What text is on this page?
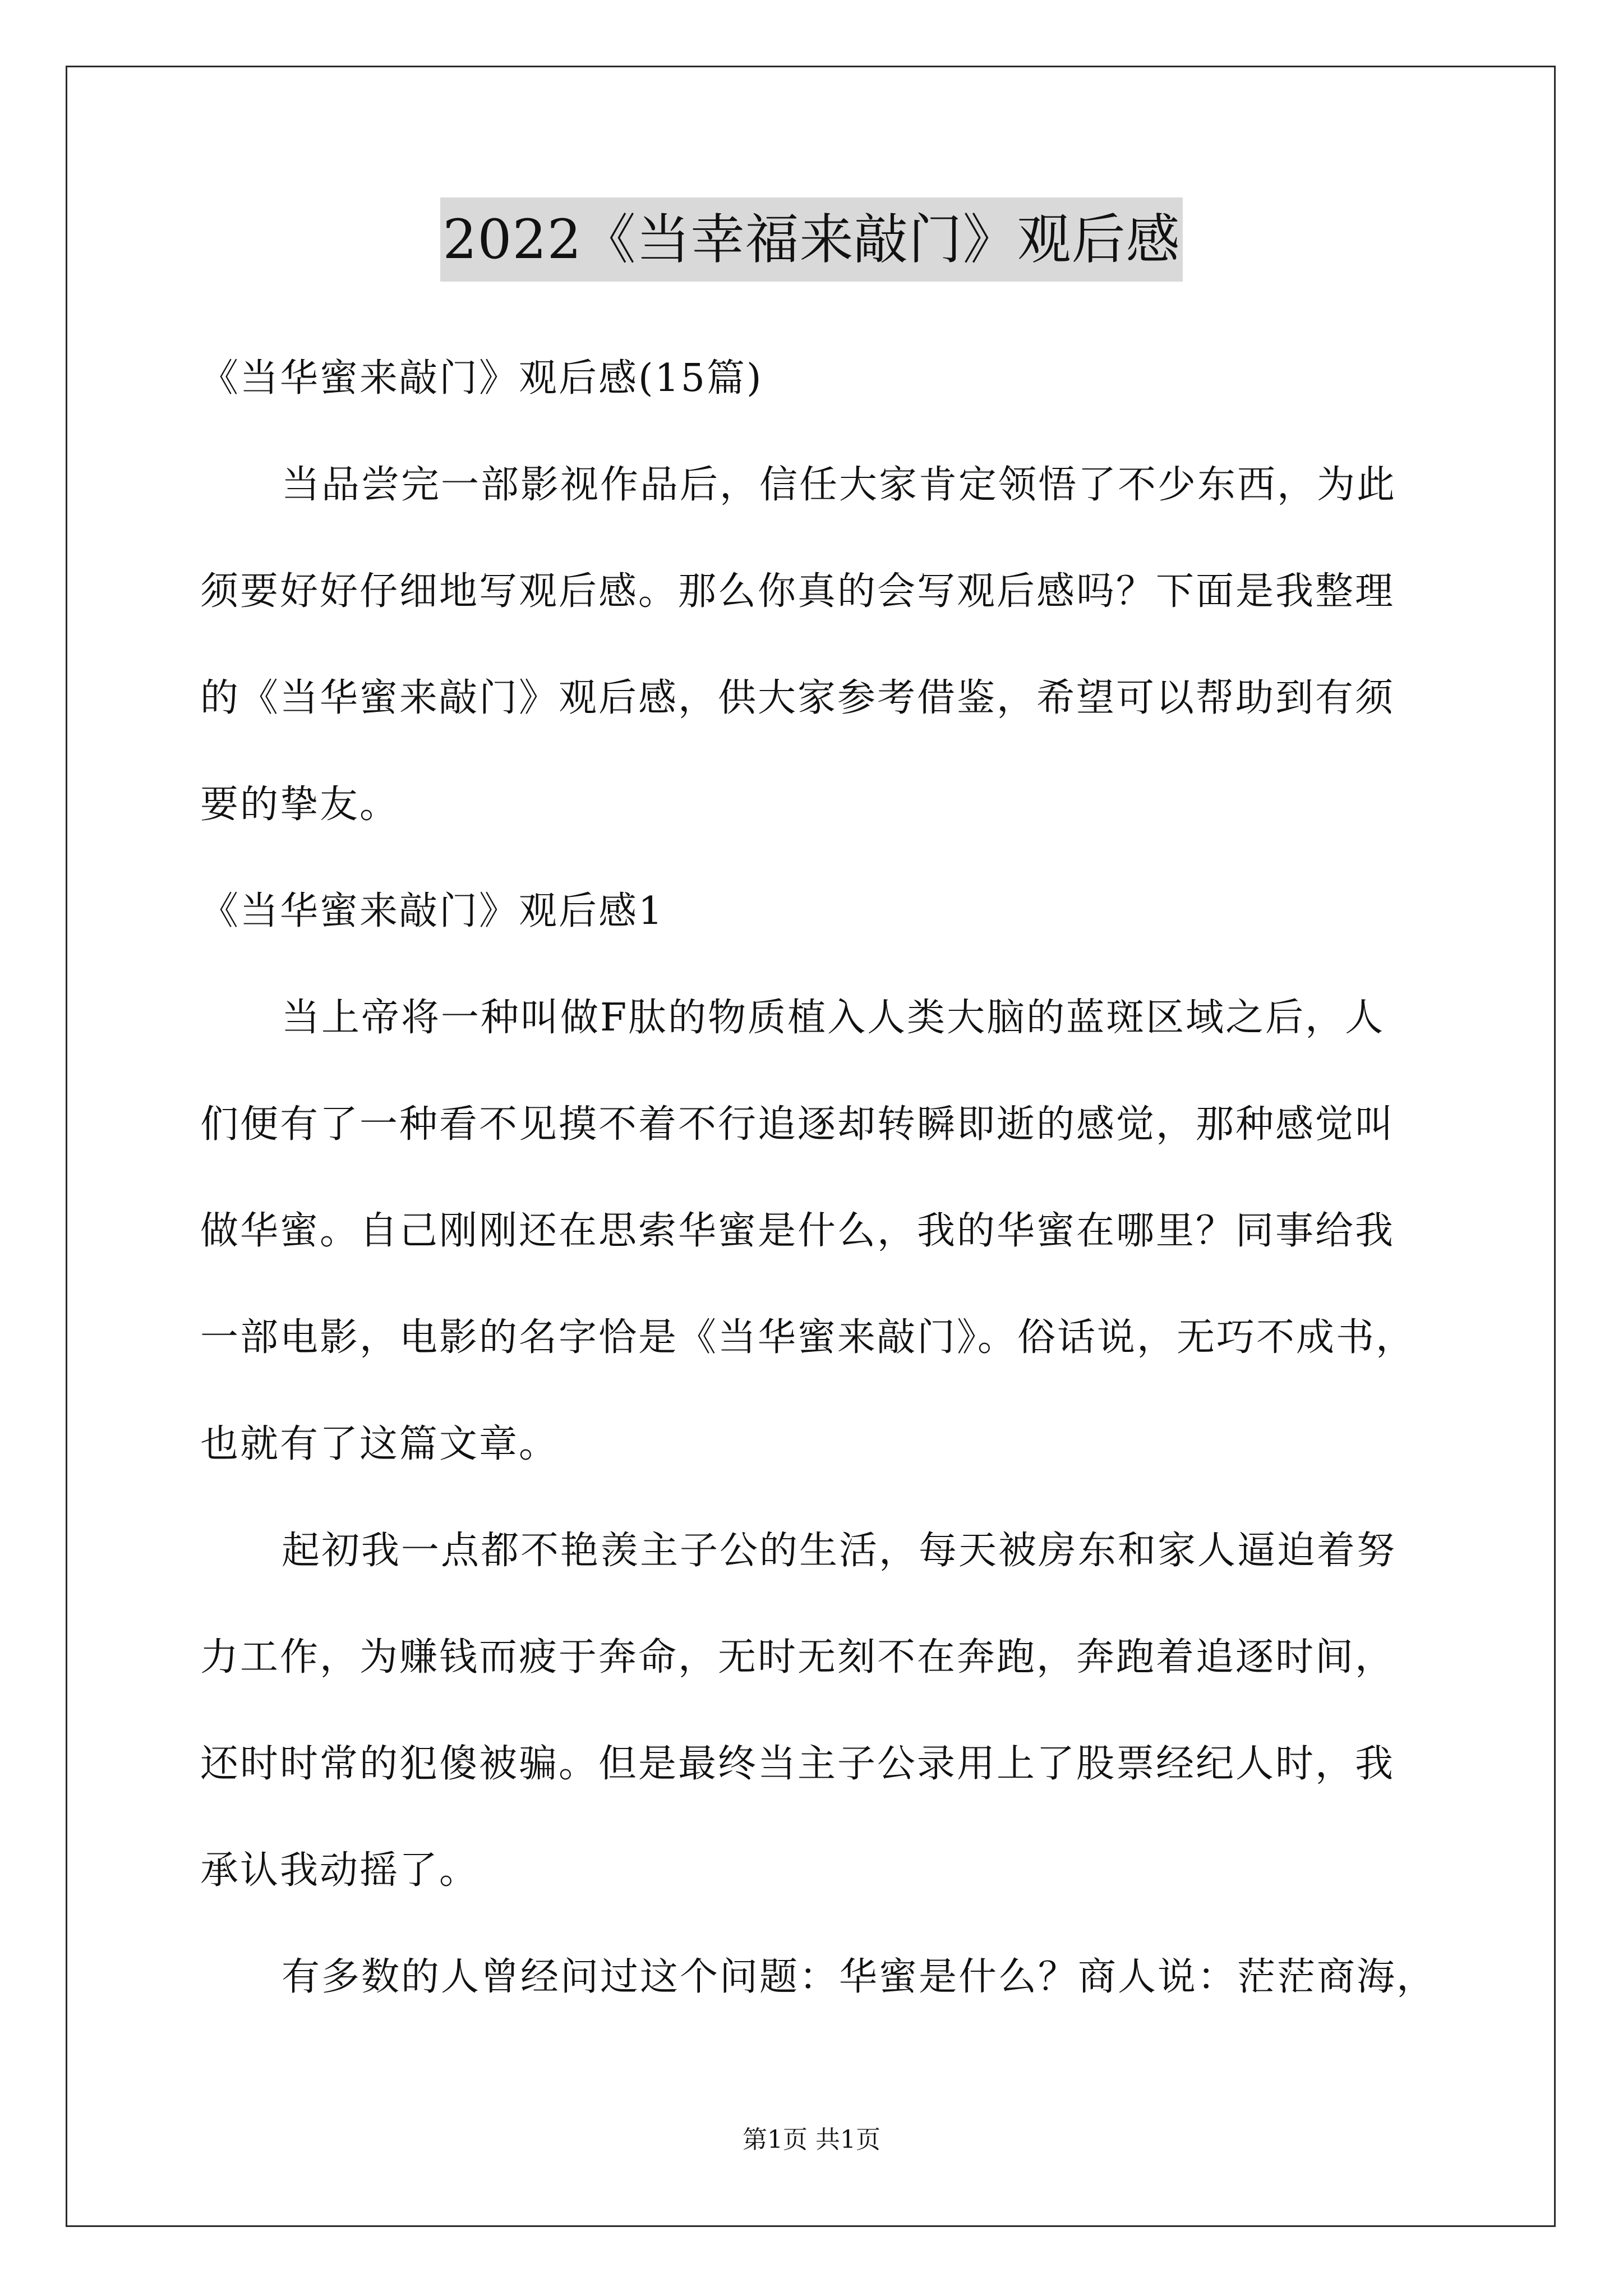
2022《当幸福来敲门》观后感
《当华蜜来敲门》观后感(15篇)
当品尝完一部影视作品后，信任大家肯定领悟了不少东西，为此
须要好好仔细地写观后感。那么你真的会写观后感吗？下面是我整理
的《当华蜜来敲门》观后感，供大家参考借鉴，希望可以帮助到有须
要的挚友。
《当华蜜来敲门》观后感1
当上帝将一种叫做F肽的物质植入人类大脑的蓝斑区域之后，人
们便有了一种看不见摸不着不行追逐却转瞬即逝的感觉，那种感觉叫
做华蜜。自己刚刚还在思索华蜜是什么，我的华蜜在哪里？同事给我
一部电影，电影的名字恰是《当华蜜来敲门》。俗话说，无巧不成书，
也就有了这篇文章。
起初我一点都不艳羡主子公的生活，每天被房东和家人逼迫着努
力工作，为赚钱而疲于奔命，无时无刻不在奔跑，奔跑着追逐时间，
还时时常的犯傻被骗。但是最终当主子公录用上了股票经纪人时，我
承认我动摇了。
有多数的人曾经问过这个问题：华蜜是什么？商人说：茫茫商海，
第1页 共1页
